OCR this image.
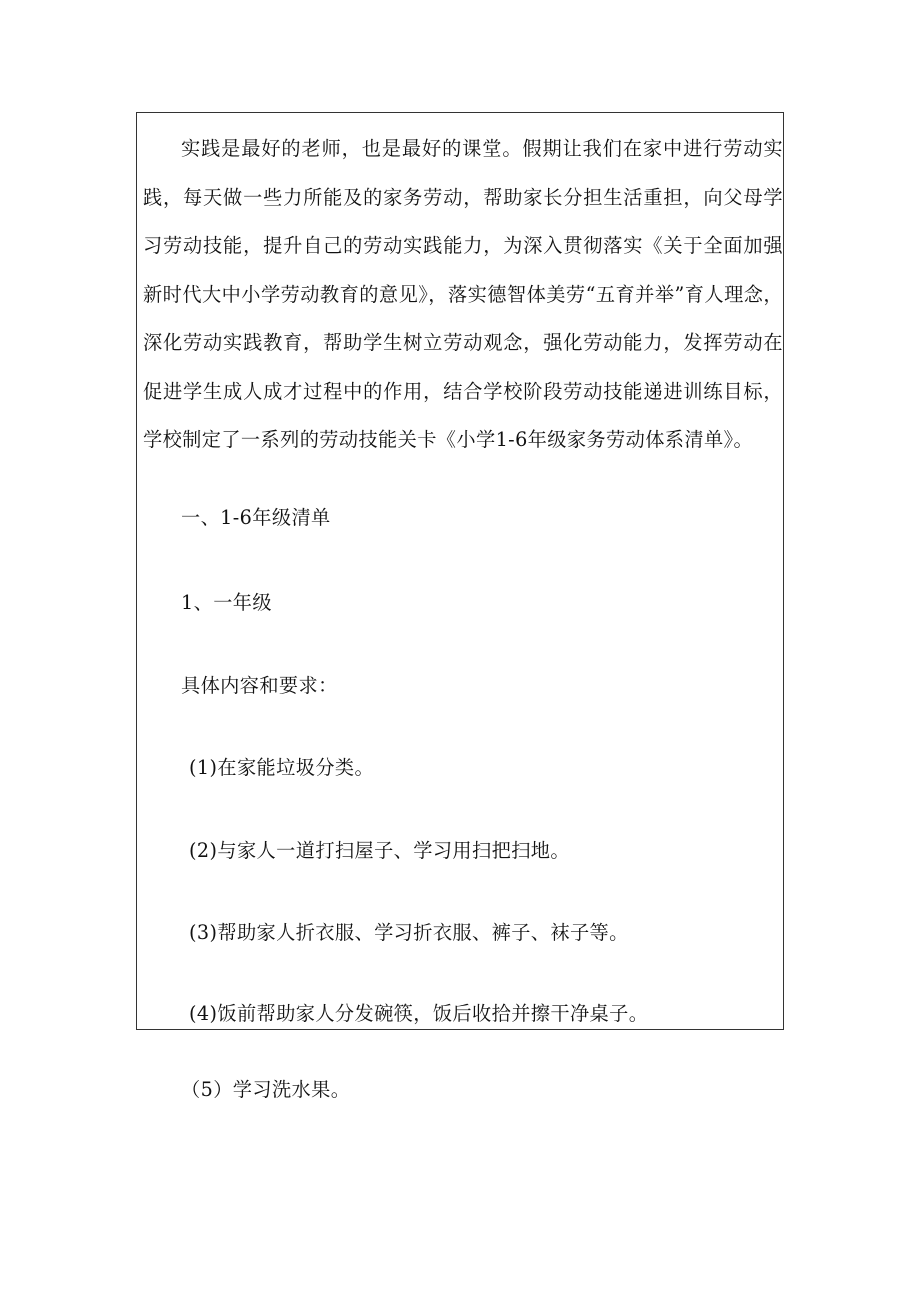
实践是最好的老师，也是最好的课堂。假期让我们在家中进行劳动实践，每天做一些力所能及的家务劳动，帮助家长分担生活重担，向父母学习劳动技能，提升自己的劳动实践能力，为深入贯彻落实《关于全面加强新时代大中小学劳动教育的意见》，落实德智体美劳“五育并举”育人理念，深化劳动实践教育，帮助学生树立劳动观念，强化劳动能力，发挥劳动在促进学生成人成才过程中的作用，结合学校阶段劳动技能递进训练目标，学校制定了一系列的劳动技能关卡《小学1-6年级家务劳动体系清单》。

一、1-6年级清单

1、一年级

具体内容和要求：

(1)在家能垃圾分类。

(2)与家人一道打扫屋子、学习用扫把扫地。

(3)帮助家人折衣服、学习折衣服、裤子、袜子等。

(4)饭前帮助家人分发碗筷，饭后收拾并擦干净桌子。

（5）学习洗水果。
